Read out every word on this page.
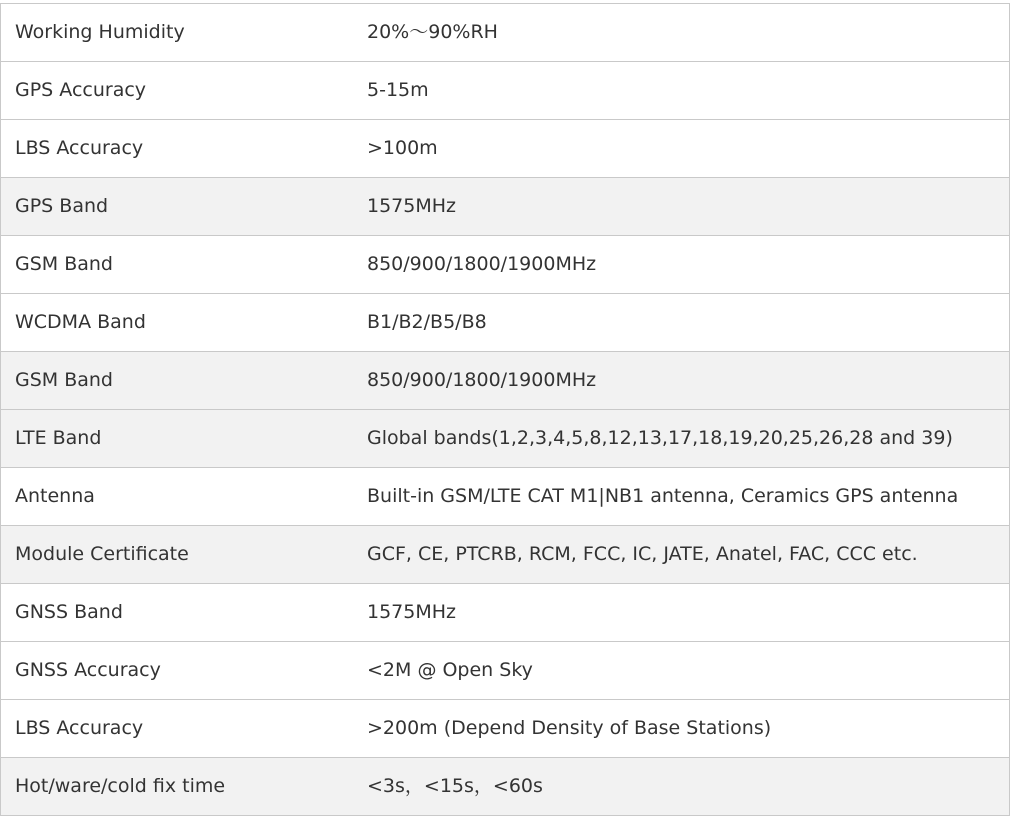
Working Humidity	20%～90%RH
GPS Accuracy	5-15m
LBS Accuracy	>100m
GPS Band	1575MHz
GSM Band	850/900/1800/1900MHz
WCDMA Band	B1/B2/B5/B8
GSM Band	850/900/1800/1900MHz
LTE Band	Global bands(1,2,3,4,5,8,12,13,17,18,19,20,25,26,28 and 39)
Antenna	Built-in GSM/LTE CAT M1|NB1 antenna, Ceramics GPS antenna
Module Certificate	GCF, CE, PTCRB, RCM, FCC, IC, JATE, Anatel, FAC, CCC etc.
GNSS Band	1575MHz
GNSS Accuracy	<2M @ Open Sky
LBS Accuracy	>200m (Depend Density of Base Stations)
Hot/ware/cold fix time	<3s，<15s，<60s
